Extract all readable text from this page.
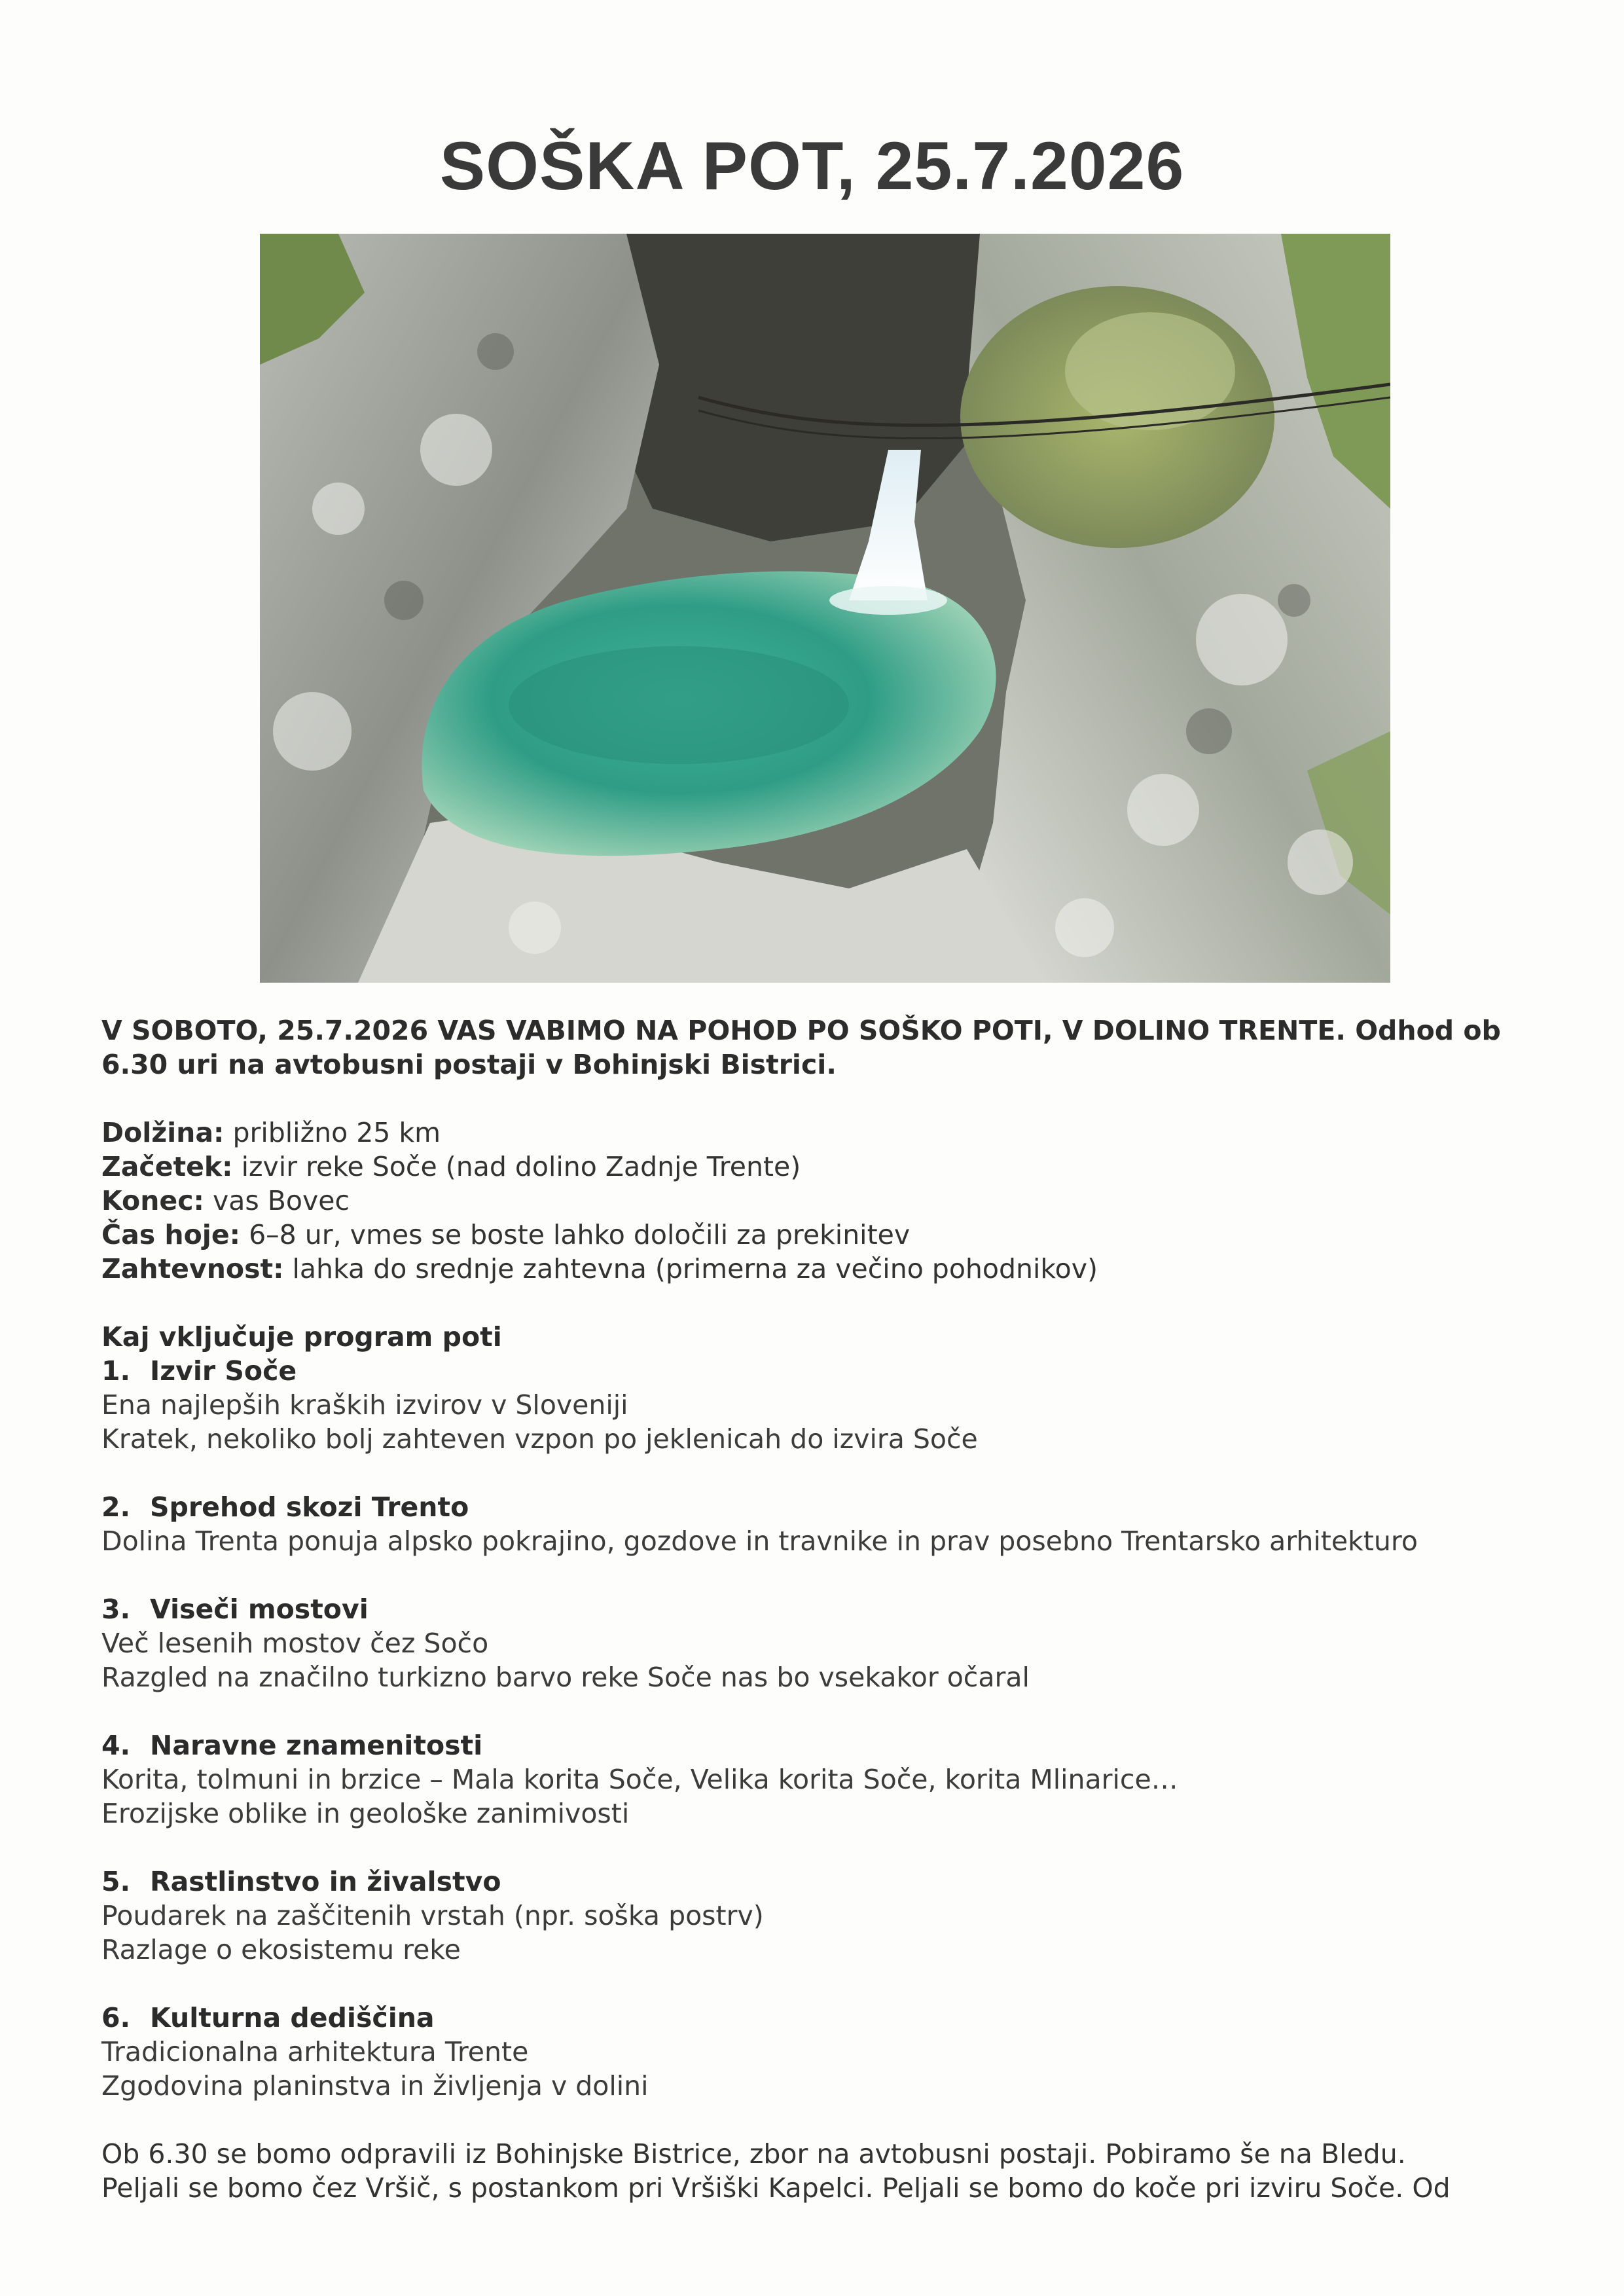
SOŠKA POT, 25.7.2026

V SOBOTO, 25.7.2026 VAS VABIMO NA POHOD PO SOŠKO POTI, V DOLINO TRENTE. Odhod ob 6.30 uri na avtobusni postaji v Bohinjski Bistrici.

Dolžina: približno 25 km
Začetek: izvir reke Soče (nad dolino Zadnje Trente)
Konec: vas Bovec
Čas hoje: 6–8 ur, vmes se boste lahko določili za prekinitev
Zahtevnost: lahka do srednje zahtevna (primerna za večino pohodnikov)
Kaj vključuje program poti
1. Izvir Soče
Ena najlepših kraških izvirov v Sloveniji
Kratek, nekoliko bolj zahteven vzpon po jeklenicah do izvira Soče
2. Sprehod skozi Trento
Dolina Trenta ponuja alpsko pokrajino, gozdove in travnike in prav posebno Trentarsko arhitekturo
3. Viseči mostovi
Več lesenih mostov čez Sočo
Razgled na značilno turkizno barvo reke Soče nas bo vsekakor očaral
4. Naravne znamenitosti
Korita, tolmuni in brzice – Mala korita Soče, Velika korita Soče, korita Mlinarice…
Erozijske oblike in geološke zanimivosti
5. Rastlinstvo in živalstvo
Poudarek na zaščitenih vrstah (npr. soška postrv)
Razlage o ekosistemu reke
6. Kulturna dediščina
Tradicionalna arhitektura Trente
Zgodovina planinstva in življenja v dolini
Ob 6.30 se bomo odpravili iz Bohinjske Bistrice, zbor na avtobusni postaji. Pobiramo še na Bledu.
Peljali se bomo čez Vršič, s postankom pri Vršiški Kapelci. Peljali se bomo do koče pri izviru Soče. Od
